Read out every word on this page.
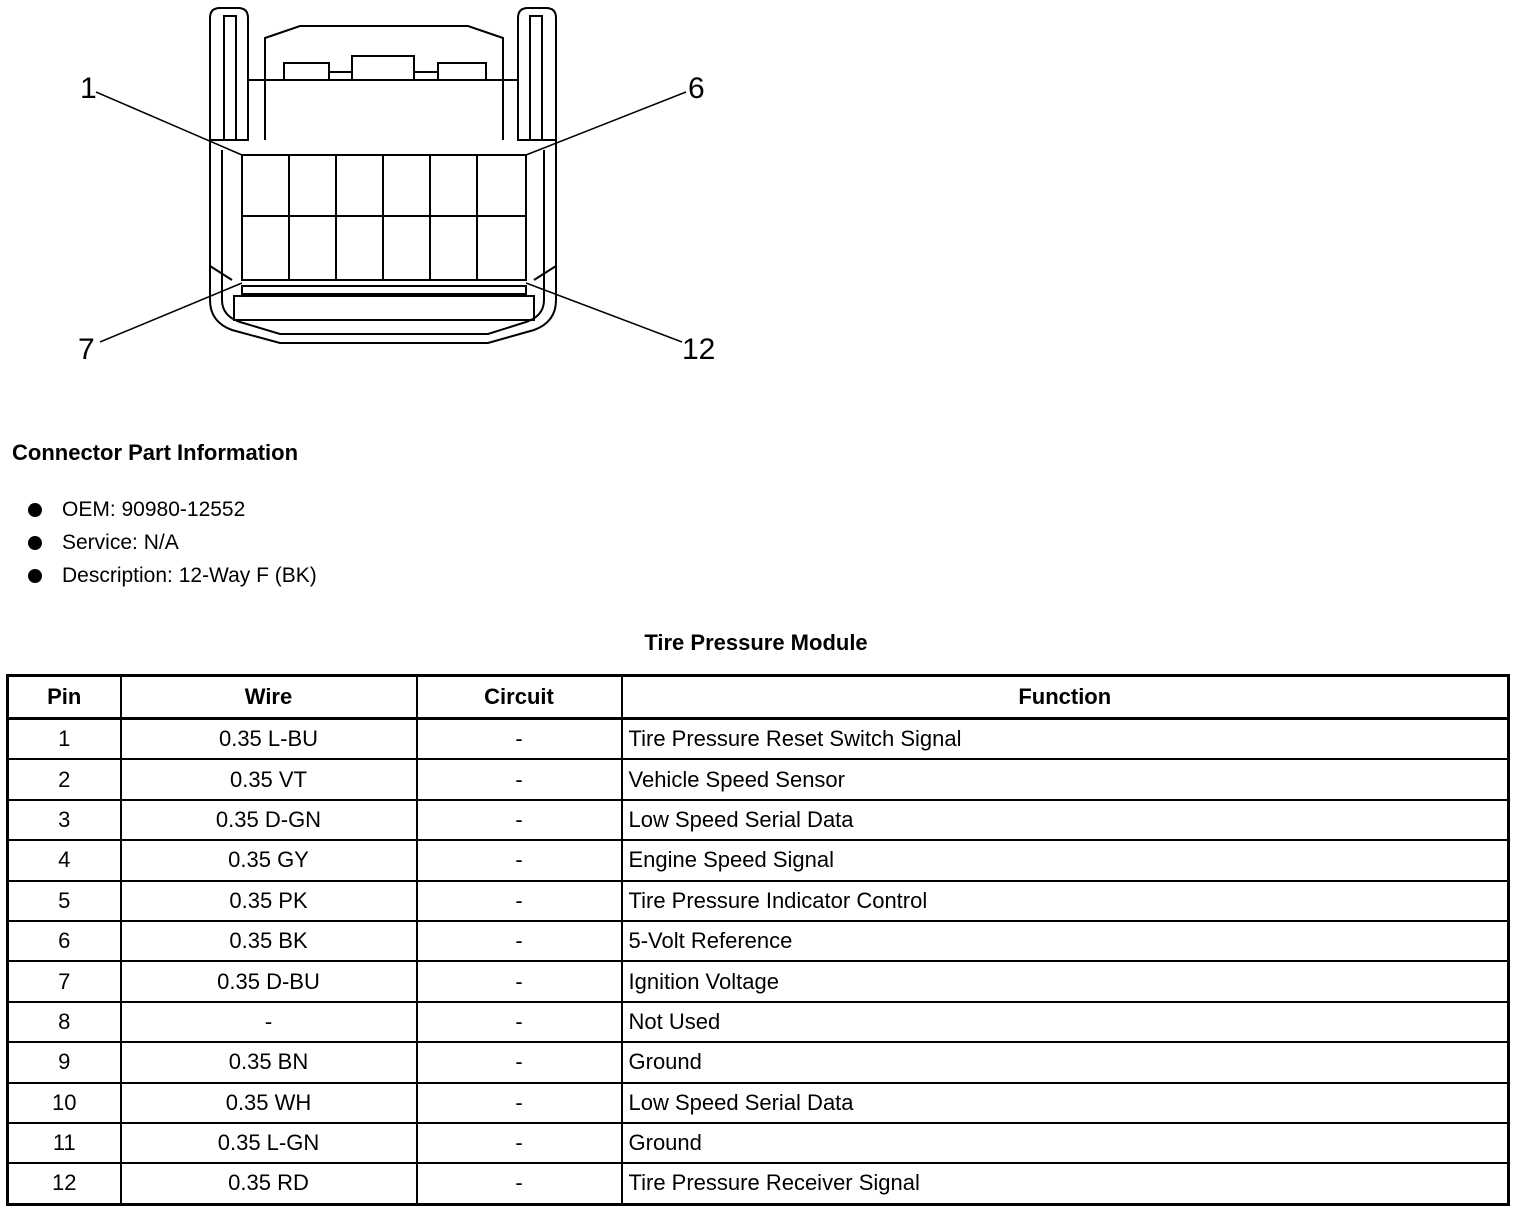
1	6
7	12
Connector Part Information
OEM: 90980-12552
Service: N/A
Description: 12-Way F (BK)
Tire Pressure Module
Pin	Wire	Circuit	Function
1	0.35 L-BU	-	Tire Pressure Reset Switch Signal
2	0.35 VT	-	Vehicle Speed Sensor
3	0.35 D-GN	-	Low Speed Serial Data
4	0.35 GY	-	Engine Speed Signal
5	0.35 PK	-	Tire Pressure Indicator Control
6	0.35 BK	-	5-Volt Reference
7	0.35 D-BU	-	Ignition Voltage
8	-	-	Not Used
9	0.35 BN	-	Ground
10	0.35 WH	-	Low Speed Serial Data
11	0.35 L-GN	-	Ground
12	0.35 RD	-	Tire Pressure Receiver Signal
